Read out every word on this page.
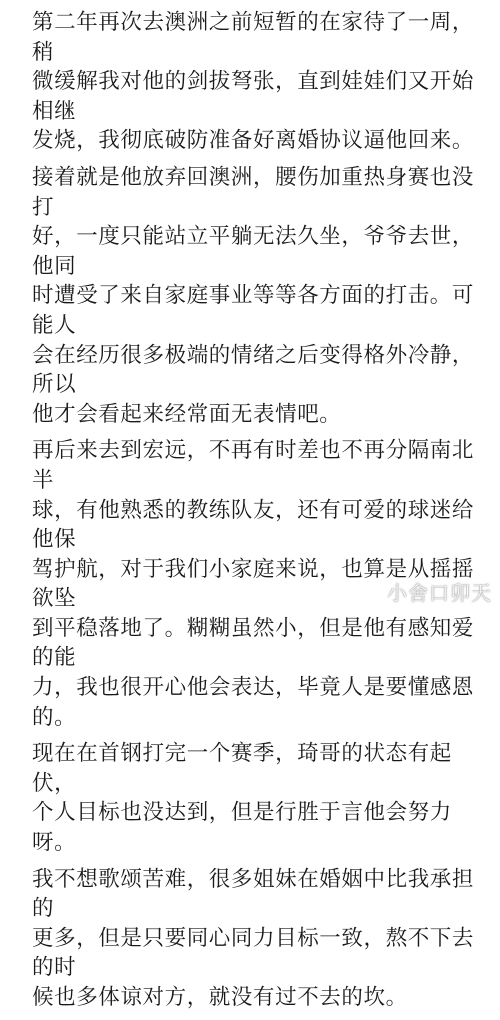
第二年再次去澳洲之前短暂的在家待了一周，稍
微缓解我对他的剑拔弩张，直到娃娃们又开始相继
发烧，我彻底破防准备好离婚协议逼他回来。

接着就是他放弃回澳洲，腰伤加重热身赛也没打
好，一度只能站立平躺无法久坐，爷爷去世，他同
时遭受了来自家庭事业等等各方面的打击。可能人
会在经历很多极端的情绪之后变得格外冷静，所以
他才会看起来经常面无表情吧。

再后来去到宏远，不再有时差也不再分隔南北半
球，有他熟悉的教练队友，还有可爱的球迷给他保
驾护航，对于我们小家庭来说，也算是从摇摇欲坠
到平稳落地了。糊糊虽然小，但是他有感知爱的能
力，我也很开心他会表达，毕竟人是要懂感恩的。

现在在首钢打完一个赛季，琦哥的状态有起伏，
个人目标也没达到，但是行胜于言他会努力呀。

我不想歌颂苦难，很多姐妹在婚姻中比我承担的
更多，但是只要同心同力目标一致，熬不下去的时
候也多体谅对方，就没有过不去的坎。

小舍口卯天
